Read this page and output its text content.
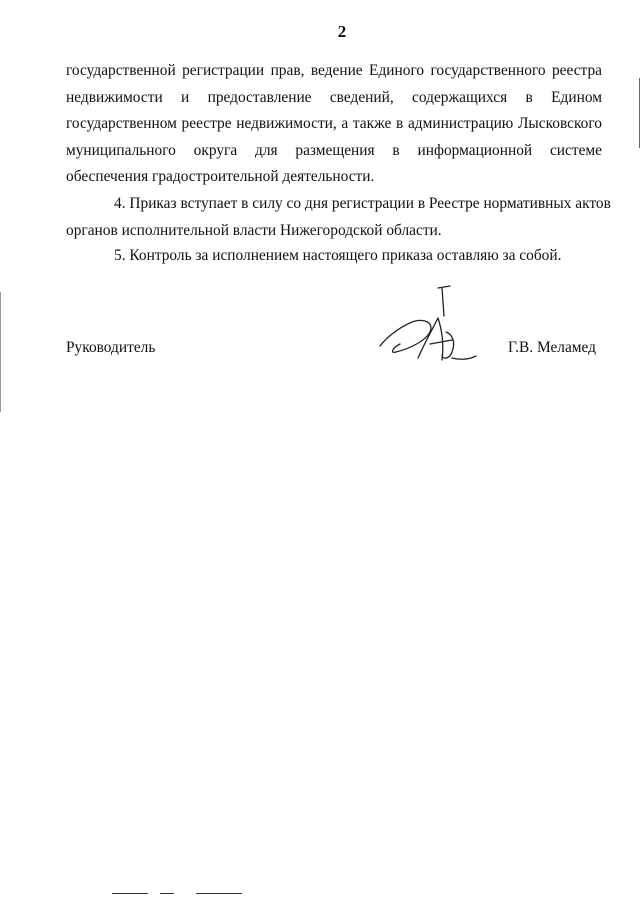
2
государственной регистрации прав, ведение Единого государственного реестра
недвижимости и предоставление сведений, содержащихся в Едином
государственном реестре недвижимости, а также в администрацию Лысковского
муниципального округа для размещения в информационной системе
обеспечения градостроительной деятельности.
4. Приказ вступает в силу со дня регистрации в Реестре нормативных актов
органов исполнительной власти Нижегородской области.
5. Контроль за исполнением настоящего приказа оставляю за собой.
Руководитель	Г.В. Меламед
